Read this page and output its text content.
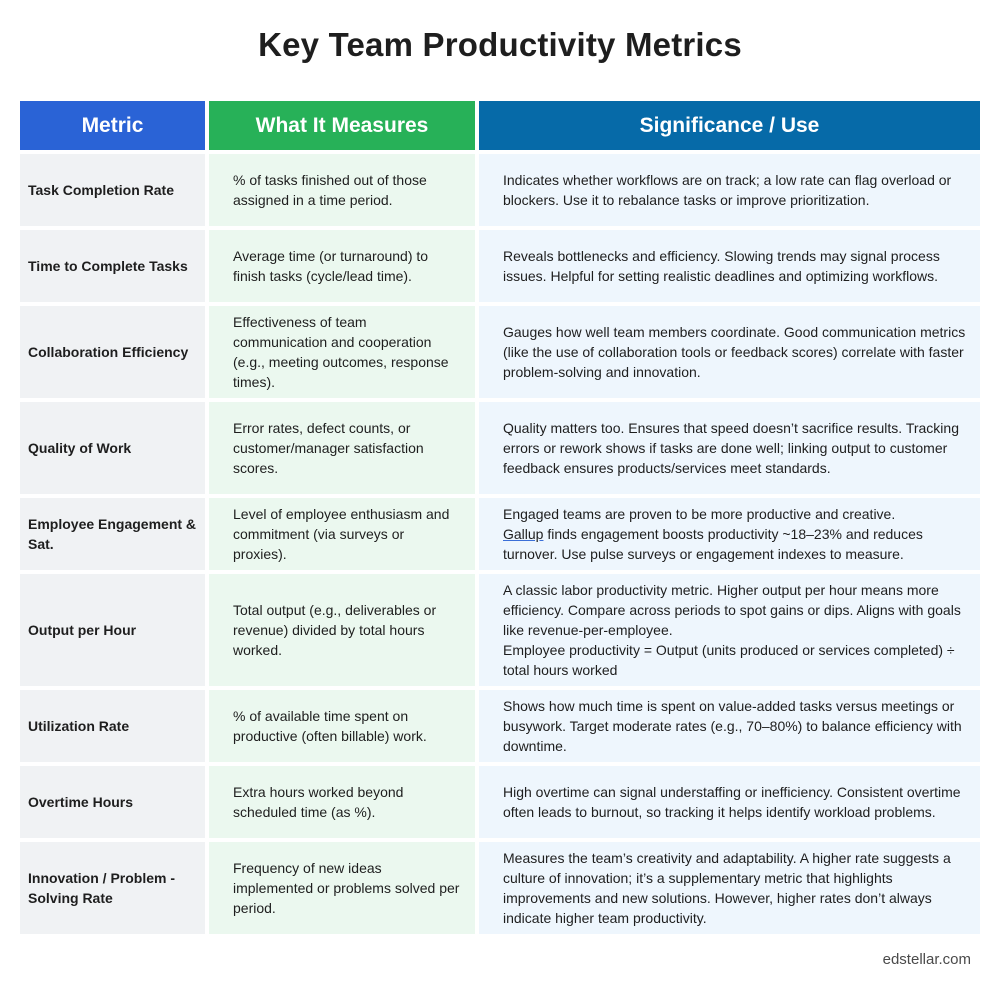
Key Team Productivity Metrics
Metric	What It Measures	Significance / Use
Task Completion Rate
% of tasks finished out of those assigned in a time period.
Indicates whether workflows are on track; a low rate can flag overload or blockers. Use it to rebalance tasks or improve prioritization.
Time to Complete Tasks
Average time (or turnaround) to finish tasks (cycle/lead time).
Reveals bottlenecks and efficiency. Slowing trends may signal process issues. Helpful for setting realistic deadlines and optimizing workflows.
Collaboration Efficiency
Effectiveness of team communication and cooperation (e.g., meeting outcomes, response times).
Gauges how well team members coordinate. Good communication metrics (like the use of collaboration tools or feedback scores) correlate with faster problem-solving and innovation.
Quality of Work
Error rates, defect counts, or customer/manager satisfaction scores.
Quality matters too. Ensures that speed doesn’t sacrifice results. Tracking errors or rework shows if tasks are done well; linking output to customer feedback ensures products/services meet standards.
Employee Engagement & Sat.
Level of employee enthusiasm and commitment (via surveys or proxies).
Engaged teams are proven to be more productive and creative.
Gallup finds engagement boosts productivity ~18–23% and reduces turnover. Use pulse surveys or engagement indexes to measure.
Output per Hour
Total output (e.g., deliverables or revenue) divided by total hours worked.
A classic labor productivity metric. Higher output per hour means more efficiency. Compare across periods to spot gains or dips. Aligns with goals like revenue-per-employee.
Employee productivity = Output (units produced or services completed) ÷ total hours worked
Utilization Rate
% of available time spent on productive (often billable) work.
Shows how much time is spent on value-added tasks versus meetings or busywork. Target moderate rates (e.g., 70–80%) to balance efficiency with downtime.
Overtime Hours
Extra hours worked beyond scheduled time (as %).
High overtime can signal understaffing or inefficiency. Consistent overtime often leads to burnout, so tracking it helps identify workload problems.
Innovation / Problem -Solving Rate
Frequency of new ideas implemented or problems solved per period.
Measures the team’s creativity and adaptability. A higher rate suggests a culture of innovation; it’s a supplementary metric that highlights improvements and new solutions. However, higher rates don’t always indicate higher team productivity.
edstellar.com
